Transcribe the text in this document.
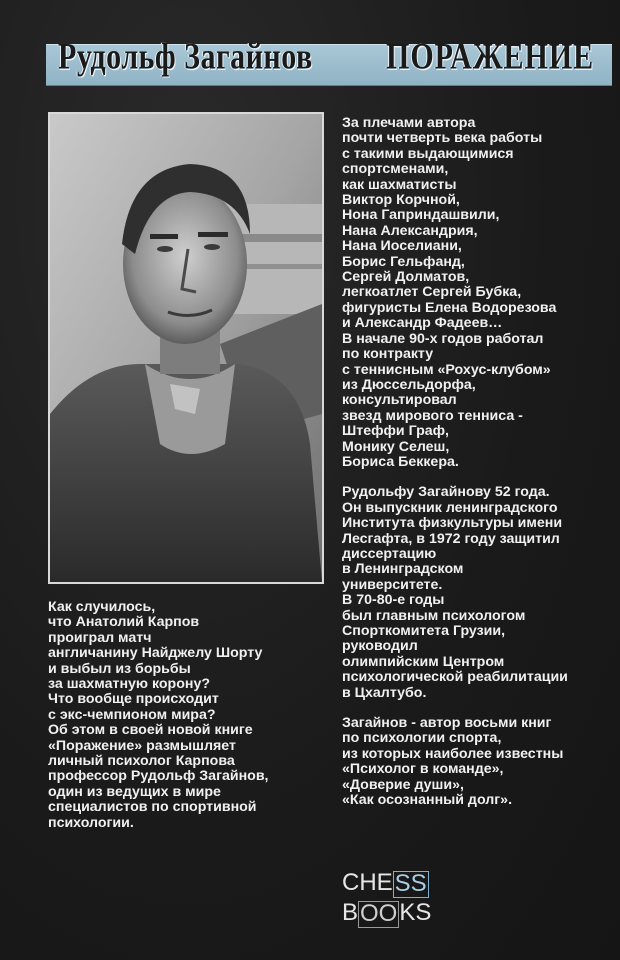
Рудольф Загайнов ПОРАЖЕНИЕ

За плечами автора
почти четверть века работы
с такими выдающимися
спортсменами,
как шахматисты
Виктор Корчной,
Нона Гаприндашвили,
Нана Александрия,
Нана Иоселиани,
Борис Гельфанд,
Сергей Долматов,
легкоатлет Сергей Бубка,
фигуристы Елена Водорезова
и Александр Фадеев…
В начале 90-х годов работал
по контракту
с теннисным «Рохус-клубом»
из Дюссельдорфа,
консультировал
звезд мирового тенниса -
Штеффи Граф,
Монику Селеш,
Бориса Беккера.

Рудольфу Загайнову 52 года.
Он выпускник ленинградского
Института физкультуры имени
Лесгафта, в 1972 году защитил
диссертацию
в Ленинградском
университете.
В 70-80-е годы
был главным психологом
Спорткомитета Грузии,
руководил
олимпийским Центром
психологической реабилитации
в Цхалтубо.

Загайнов - автор восьми книг
по психологии спорта,
из которых наиболее известны
«Психолог в команде»,
«Доверие души»,
«Как осознанный долг».

Как случилось,
что Анатолий Карпов
проиграл матч
англичанину Найджелу Шорту
и выбыл из борьбы
за шахматную корону?
Что вообще происходит
с экс-чемпионом мира?
Об этом в своей новой книге
«Поражение» размышляет
личный психолог Карпова
профессор Рудольф Загайнов,
один из ведущих в мире
специалистов по спортивной
психологии.

CHE SS
B OO KS
